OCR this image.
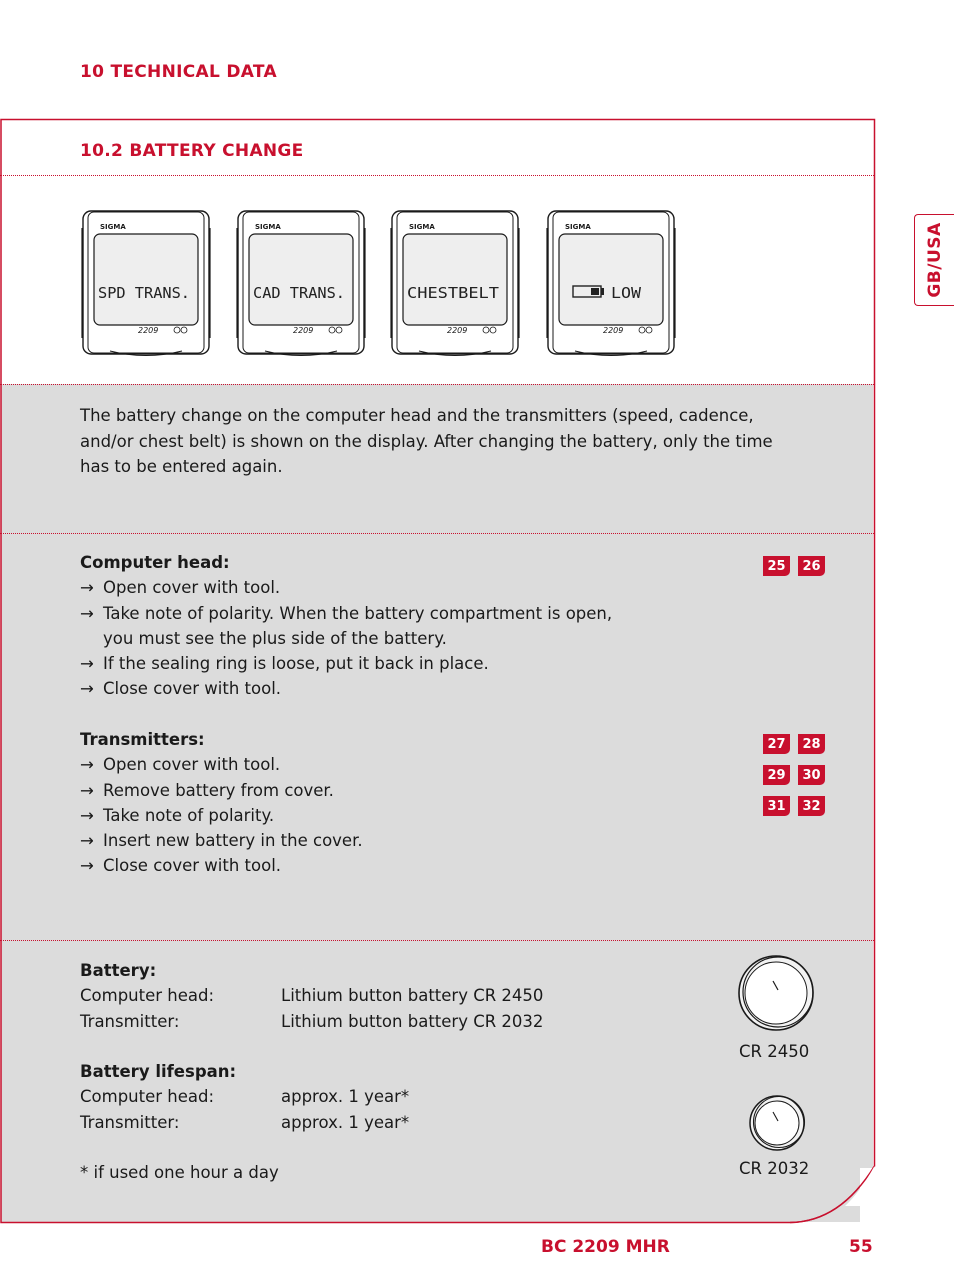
10 TECHNICAL DATA
GB/USA
10.2 BATTERY CHANGE
SIGMA
2209
SPD TRANS.
SIGMA
2209
CAD TRANS.
SIGMA
2209
CHESTBELT
SIGMA
2209
LOW
The battery change on the computer head and the transmitters (speed, cadence,
and/or chest belt) is shown on the display. After changing the battery, only the time
has to be entered again.
Computer head:
→ Open cover with tool.
→ Take note of polarity. When the battery compartment is open,
you must see the plus side of the battery.
→ If the sealing ring is loose, put it back in place.
→ Close cover with tool.
25	26
Transmitters:
→ Open cover with tool.
→ Remove battery from cover.
→ Take note of polarity.
→ Insert new battery in the cover.
→ Close cover with tool.
27	28
29	30
31	32
Battery:
Computer head:	Lithium button battery CR 2450
Transmitter:	Lithium button battery CR 2032
Battery lifespan:
Computer head:	approx. 1 year*
Transmitter:	approx. 1 year*
* if used one hour a day
CR 2450
CR 2032
BC 2209 MHR	55
